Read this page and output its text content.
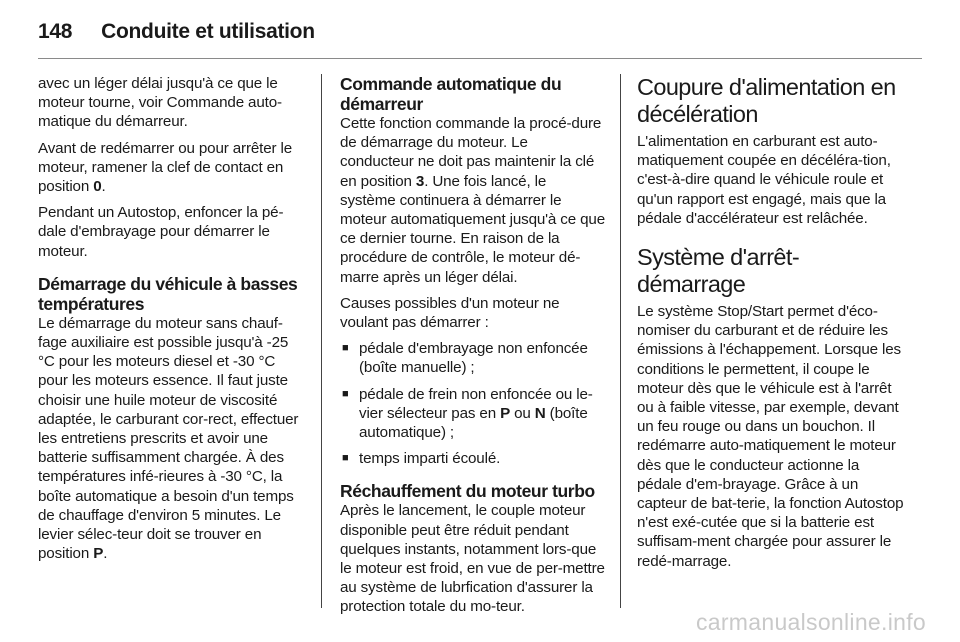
148 Conduite et utilisation

avec un léger délai jusqu'à ce que le moteur tourne, voir Commande auto-matique du démarreur.

Avant de redémarrer ou pour arrêter le moteur, ramener la clef de contact en position 0.

Pendant un Autostop, enfoncer la pé-dale d'embrayage pour démarrer le moteur.

Démarrage du véhicule à basses températures

Le démarrage du moteur sans chauf-fage auxiliaire est possible jusqu'à -25 °C pour les moteurs diesel et -30 °C pour les moteurs essence. Il faut juste choisir une huile moteur de viscosité adaptée, le carburant cor-rect, effectuer les entretiens prescrits et avoir une batterie suffisamment chargée. À des températures infé-rieures à -30 °C, la boîte automatique a besoin d'un temps de chauffage d'environ 5 minutes. Le levier sélec-teur doit se trouver en position P.

Commande automatique du démarreur

Cette fonction commande la procé-dure de démarrage du moteur. Le conducteur ne doit pas maintenir la clé en position 3. Une fois lancé, le système continuera à démarrer le moteur automatiquement jusqu'à ce que ce dernier tourne. En raison de la procédure de contrôle, le moteur dé-marre après un léger délai.

Causes possibles d'un moteur ne voulant pas démarrer :

■ pédale d'embrayage non enfoncée (boîte manuelle) ;
■ pédale de frein non enfoncée ou le-vier sélecteur pas en P ou N (boîte automatique) ;
■ temps imparti écoulé.
Réchauffement du moteur turbo

Après le lancement, le couple moteur disponible peut être réduit pendant quelques instants, notamment lors-que le moteur est froid, en vue de per-mettre au système de lubrfication d'assurer la protection totale du mo-teur.

Coupure d'alimentation en décélération

L'alimentation en carburant est auto-matiquement coupée en décéléra-tion, c'est-à-dire quand le véhicule roule et qu'un rapport est engagé, mais que la pédale d'accélérateur est relâchée.

Système d'arrêt-démarrage

Le système Stop/Start permet d'éco-nomiser du carburant et de réduire les émissions à l'échappement. Lorsque les conditions le permettent, il coupe le moteur dès que le véhicule est à l'arrêt ou à faible vitesse, par exemple, devant un feu rouge ou dans un bouchon. Il redémarre auto-matiquement le moteur dès que le conducteur actionne la pédale d'em-brayage. Grâce à un capteur de bat-terie, la fonction Autostop n'est exé-cutée que si la batterie est suffisam-ment chargée pour assurer le redé-marrage.

carmanualsonline.info
